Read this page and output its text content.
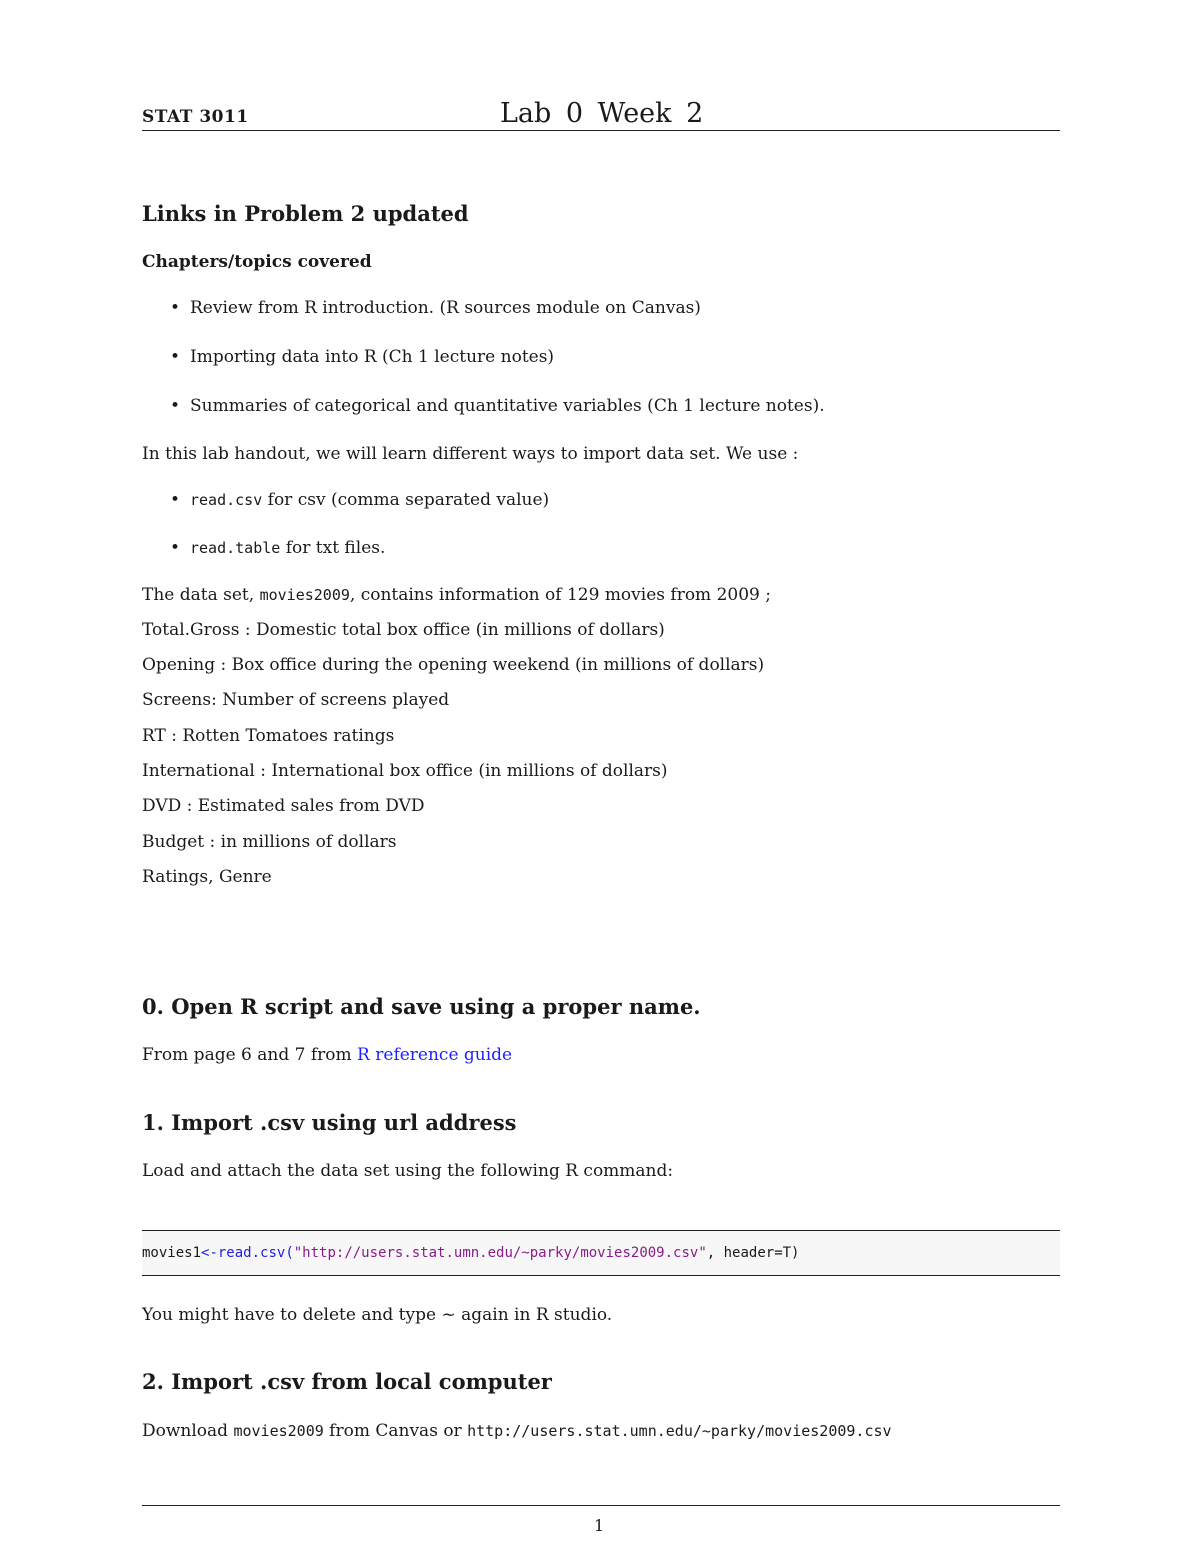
STAT 3011	Lab 0 Week 2
Links in Problem 2 updated
Chapters/topics covered
• Review from R introduction. (R sources module on Canvas)
• Importing data into R (Ch 1 lecture notes)
• Summaries of categorical and quantitative variables (Ch 1 lecture notes).
In this lab handout, we will learn different ways to import data set. We use :
• read.csv for csv (comma separated value)
• read.table for txt files.
The data set, movies2009, contains information of 129 movies from 2009 ;
Total.Gross : Domestic total box office (in millions of dollars)
Opening : Box office during the opening weekend (in millions of dollars)
Screens: Number of screens played
RT : Rotten Tomatoes ratings
International : International box office (in millions of dollars)
DVD : Estimated sales from DVD
Budget : in millions of dollars
Ratings, Genre
0. Open R script and save using a proper name.
From page 6 and 7 from R reference guide
1. Import .csv using url address
Load and attach the data set using the following R command:
movies1<-read.csv("http://users.stat.umn.edu/~parky/movies2009.csv", header=T)
You might have to delete and type ~ again in R studio.
2. Import .csv from local computer
Download movies2009 from Canvas or http://users.stat.umn.edu/~parky/movies2009.csv
1
